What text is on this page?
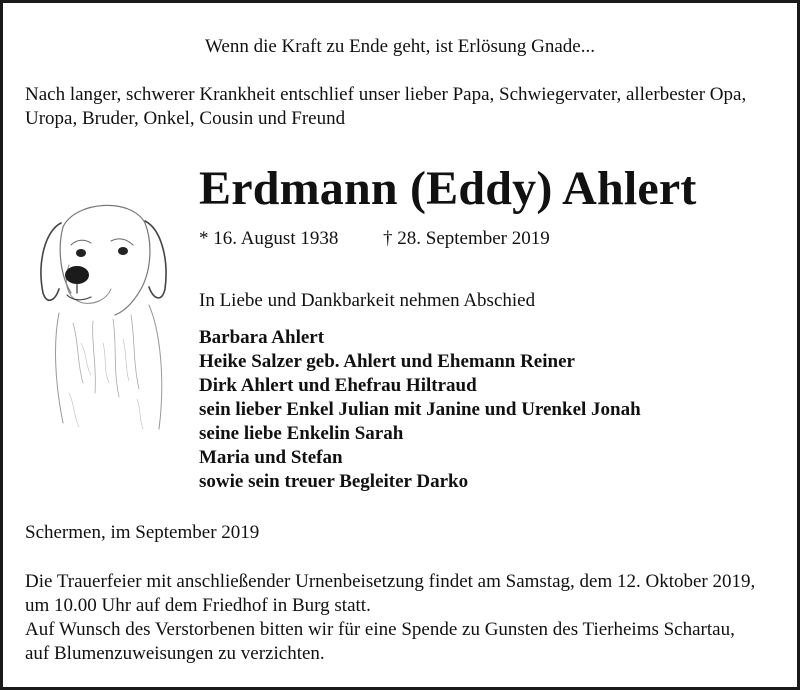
Wenn die Kraft zu Ende geht, ist Erlösung Gnade...

Nach langer, schwerer Krankheit entschlief unser lieber Papa, Schwiegervater, allerbester Opa,
Uropa, Bruder, Onkel, Cousin und Freund
Erdmann (Eddy) Ahlert

* 16. August 1938 † 28. September 2019

In Liebe und Dankbarkeit nehmen Abschied

Barbara Ahlert
Heike Salzer geb. Ahlert und Ehemann Reiner
Dirk Ahlert und Ehefrau Hiltraud
sein lieber Enkel Julian mit Janine und Urenkel Jonah
seine liebe Enkelin Sarah
Maria und Stefan
sowie sein treuer Begleiter Darko

Schermen, im September 2019

Die Trauerfeier mit anschließender Urnenbeisetzung findet am Samstag, dem 12. Oktober 2019,
um 10.00 Uhr auf dem Friedhof in Burg statt.
Auf Wunsch des Verstorbenen bitten wir für eine Spende zu Gunsten des Tierheims Schartau,
auf Blumenzuweisungen zu verzichten.
